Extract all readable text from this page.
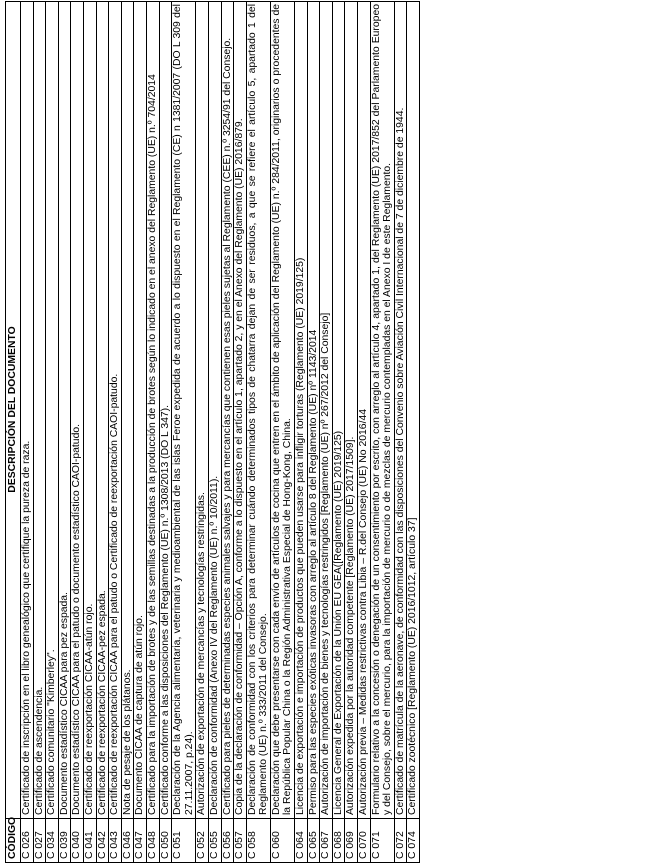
CÓDIGO	DESCRIPCIÓN DEL DOCUMENTO
C 026	Certificado de inscripción en el libro genealógico que certifique la pureza de raza.
C 027	Certificado de ascendencia.
C 034	Certificado comunitario "Kimberley".
C 039	Documento estadístico CICAA para pez espada.
C 040	Documento estadístico CICAA para el patudo o documento estadístico CAOI-patudo.
C 041	Certificado de reexportación CICAA-atún rojo.
C 042	Certificado de reexportación CICAA-pez espada.
C 043	Certificado de reexportación CICAA para el patudo o Certificado de reexportación CAOI-patudo.
C 046	Nota de pesaje de los plátanos.
C 047	Documento CICAA de captura de atún rojo.
C 048	Certificado para la importación de brotes y de las semillas destinadas a la producción de brotes según lo indicado en el anexo del Reglamento (UE) n.º 704/2014
C 050	Certificado conforme a las disposiciones del Reglamento (UE) n.º 1308/2013 (DO L 347).
C 051	Declaración de la Agencia alimentaria, veterinaria y medioambiental de las islas Feroe expedida de acuerdo a lo dispuesto en el Reglamento (CE) n 1381/2007 (DO L 309 del 27.11.2007, p.24).
C 052	Autorización de exportación de mercancías y tecnologías restringidas.
C 055	Declaración de conformidad (Anexo IV del Reglamento (UE) n.º 10/2011).
C 056	Certificado para pieles de determinadas especies animales salvajes y para mercancías que contienen esas pieles sujetas al Reglamento (CEE) n.º 3254/91 del Consejo.
C 057	Copia de la declaración de conformidad – Opción A, conforme a lo dispuesto en el artículo 1, apartado 2, y en el Anexo del Reglamento (UE) 2016/879.
C 058	Declaración de conformidad con los criterios para determinar cuándo determinados tipos de chatarra dejan de ser residuos, a que se refiere el artículo 5, apartado 1 del Reglamento (UE) n.º 333/2011 del Consejo.
C 060	Declaración que debe presentarse con cada envío de artículos de cocina que entren en el ámbito de aplicación del Reglamento (UE) n.º 284/2011, originarios o procedentes de la República Popular China o la Región Administrativa Especial de Hong-Kong, China.
C 064	Licencia de exportación e importación de productos que pueden usarse para infligir torturas (Reglamento (UE) 2019/125)
C 065	Permiso para las especies exóticas invasoras con arreglo al artículo 8 del Reglamento (UE) nº 1143/2014
C 067	Autorización de importación de bienes y tecnologías restringidos [Reglamento (UE) nº 267/2012 del Consejo]
C 068	Licencia General de Exportación de la Unión EU GEA([Reglamento (UE) 2019/125)
C 069	Autorización expedida por la autoridad competente [Reglamento (UE) 2017/1509].
C 070	Autorización previa – Medidas restrictivas contra Libia – R.del Consejo (UE) No 2016/44
C 071	Formulario relativo a la concesión o denegación de un consentimiento por escrito, con arreglo al artículo 4, apartado 1, del Reglamento (UE) 2017/852 del Parlamento Europeo y del Consejo, sobre el mercurio, para la importación de mercurio o de mezclas de mercurio contempladas en el Anexo I de este Reglamento.
C 072	Certificado de matrícula de la aeronave, de conformidad con las disposiciones del Convenio sobre Aviación Civil Internacional de 7 de diciembre de 1944.
C 074	Certificado zootécnico [Reglamento (UE) 2016/1012, artículo 37]
